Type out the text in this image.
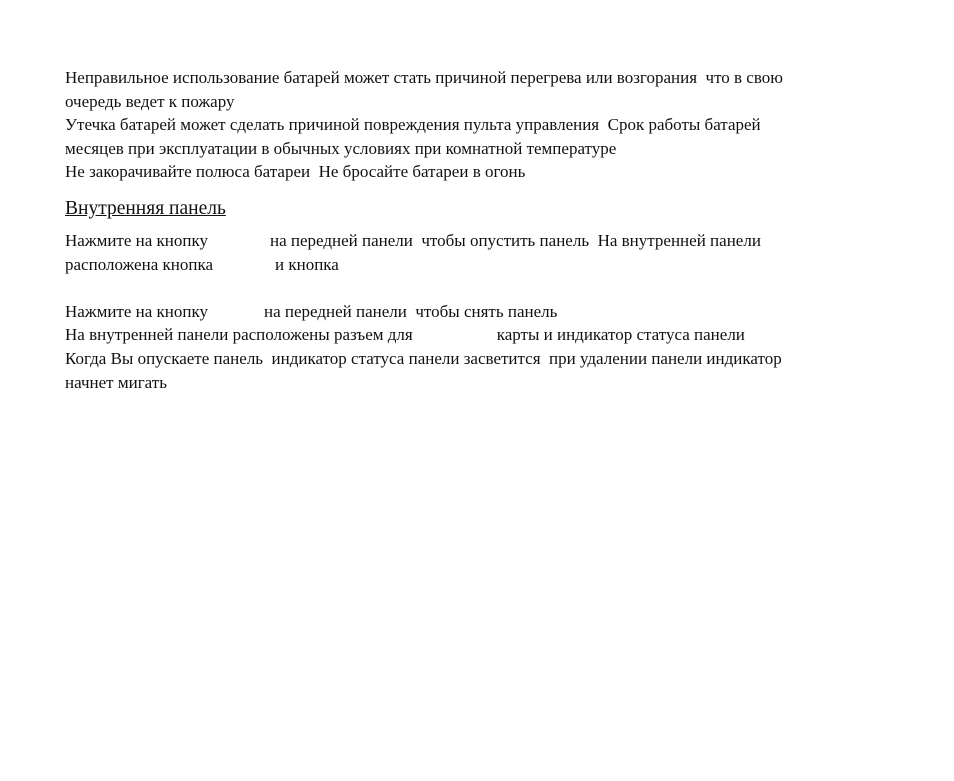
Неправильное использование батарей может стать причиной перегрева или возгорания  что в свою
очередь ведет к пожару
Утечка батарей может сделать причиной повреждения пульта управления  Срок работы батарей
месяцев при эксплуатации в обычных условиях при комнатной температуре
Не закорачивайте полюса батареи  Не бросайте батареи в огонь
Внутренняя панель
Нажмите на кнопку	на передней панели  чтобы опустить панель  На внутренней панели
расположена кнопка	и кнопка
Нажмите на кнопку	на передней панели  чтобы снять панель
На внутренней панели расположены разъем для	карты и индикатор статуса панели
Когда Вы опускаете панель  индикатор статуса панели засветится  при удалении панели индикатор
начнет мигать
